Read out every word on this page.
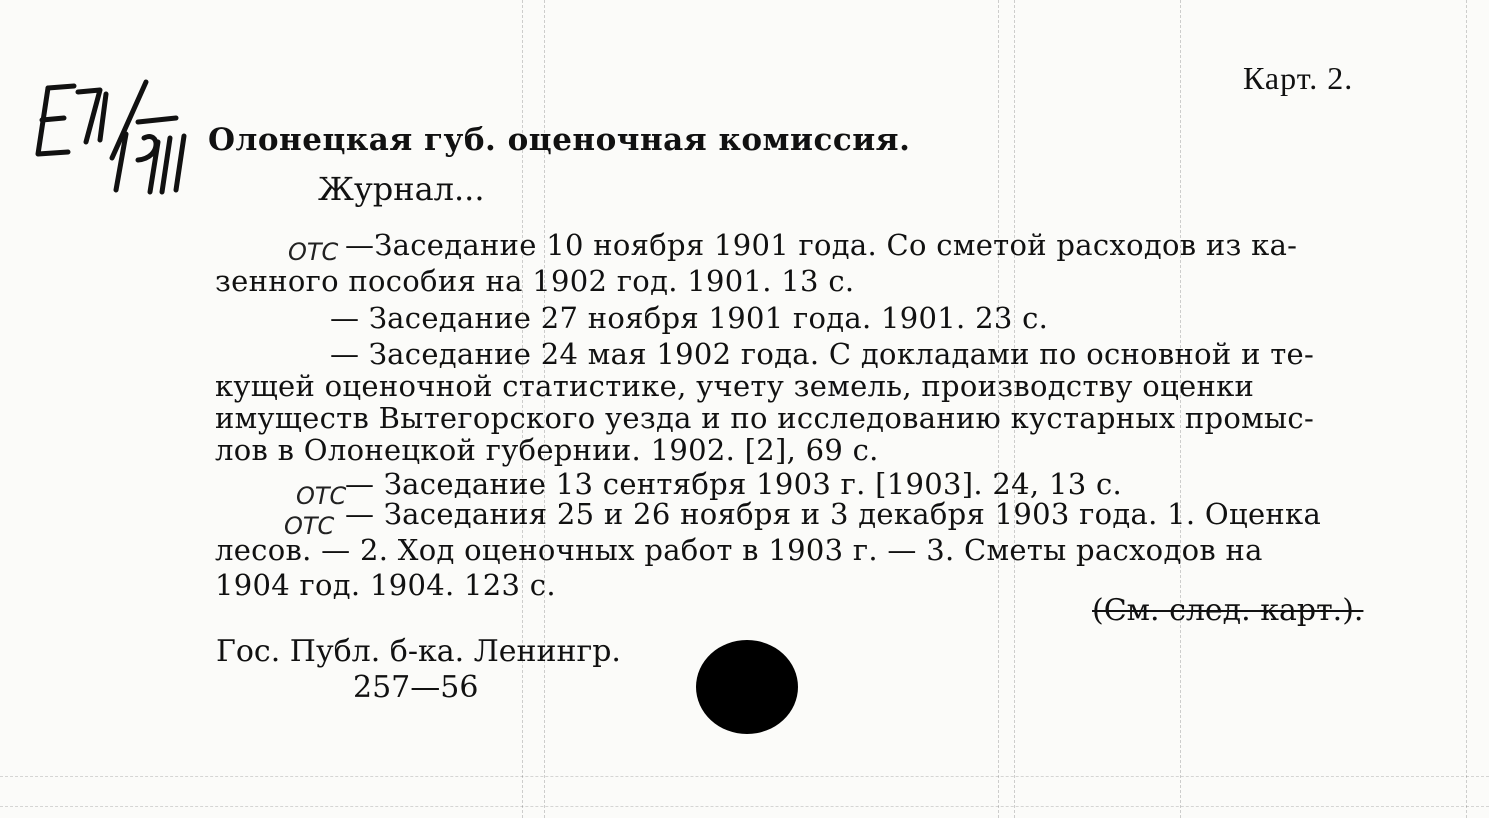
Карт. 2.
Олонецкая губ. оценочная комиссия.
Журнал...
ОТС —Заседание 10 ноября 1901 года. Со сметой расходов из ка-
зенного пособия на 1902 год. 1901. 13 с.
— Заседание 27 ноября 1901 года. 1901. 23 с.
— Заседание 24 мая 1902 года. С докладами по основной и те-
кущей оценочной статистике, учету земель, производству оценки
имуществ Вытегорского уезда и по исследованию кустарных промыс-
лов в Олонецкой губернии. 1902. [2], 69 с.
ОТС
— Заседание 13 сентября 1903 г. [1903]. 24, 13 с.
ОТС — Заседания 25 и 26 ноября и 3 декабря 1903 года. 1. Оценка
лесов. — 2. Ход оценочных работ в 1903 г. — 3. Сметы расходов на
1904 год. 1904. 123 с.
(См. след. карт.).
Гос. Публ. б-ка. Ленингр.
257—56
